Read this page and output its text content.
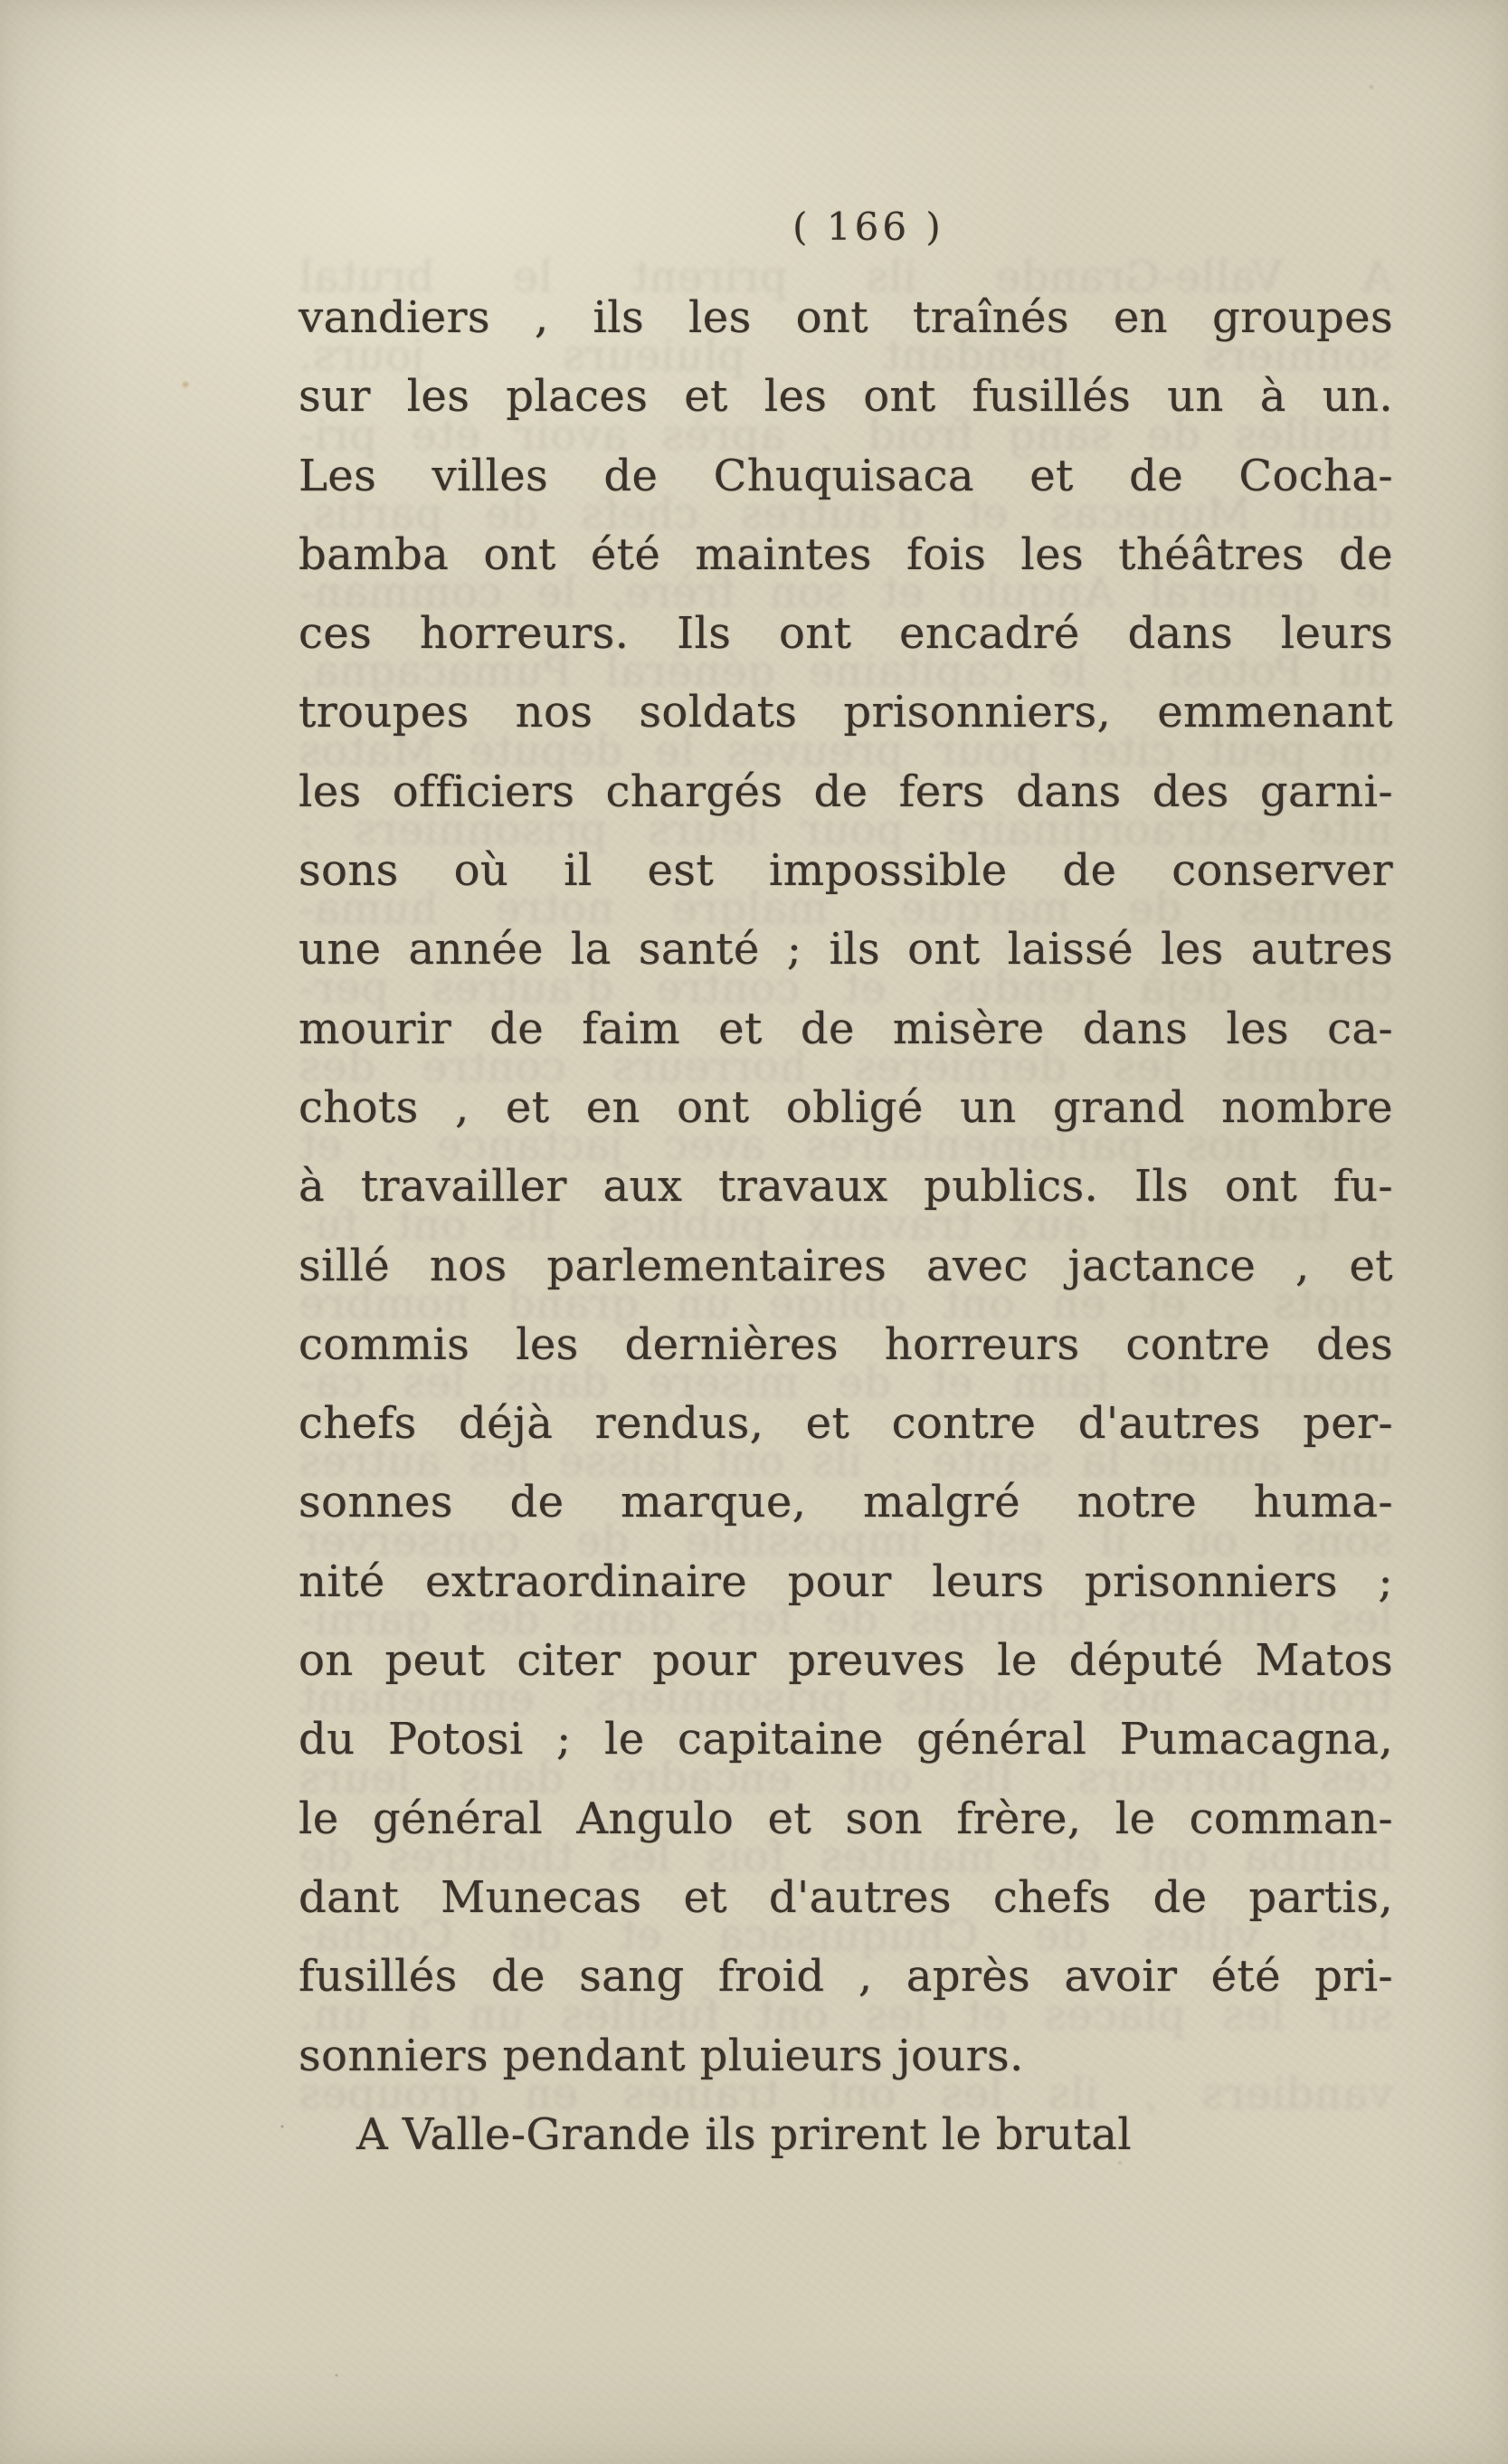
A Valle-Grande ils prirent le brutal
sonniers pendant pluieurs jours.
fusillés de sang froid , après avoir été pri-
dant Munecas et d'autres chefs de partis,
le général Angulo et son frère, le comman-
du Potosi ; le capitaine général Pumacagna,
on peut citer pour preuves le député Matos
nité extraordinaire pour leurs prisonniers ;
sonnes de marque, malgré notre huma-
chefs déjà rendus, et contre d'autres per-
commis les dernières horreurs contre des
sillé nos parlementaires avec jactance , et
à travailler aux travaux publics. Ils ont fu-
chots , et en ont obligé un grand nombre
mourir de faim et de misère dans les ca-
une année la santé ; ils ont laissé les autres
sons où il est impossible de conserver
les officiers chargés de fers dans des garni-
troupes nos soldats prisonniers, emmenant
ces horreurs. Ils ont encadré dans leurs
bamba ont été maintes fois les théâtres de
Les villes de Chuquisaca et de Cocha-
sur les places et les ont fusillés un à un.
vandiers , ils les ont traînés en groupes
( 166 )
vandiers , ils les ont traînés en groupes
sur les places et les ont fusillés un à un.
Les villes de Chuquisaca et de Cocha-
bamba ont été maintes fois les théâtres de
ces horreurs. Ils ont encadré dans leurs
troupes nos soldats prisonniers, emmenant
les officiers chargés de fers dans des garni-
sons où il est impossible de conserver
une année la santé ; ils ont laissé les autres
mourir de faim et de misère dans les ca-
chots , et en ont obligé un grand nombre
à travailler aux travaux publics. Ils ont fu-
sillé nos parlementaires avec jactance , et
commis les dernières horreurs contre des
chefs déjà rendus, et contre d'autres per-
sonnes de marque, malgré notre huma-
nité extraordinaire pour leurs prisonniers ;
on peut citer pour preuves le député Matos
du Potosi ; le capitaine général Pumacagna,
le général Angulo et son frère, le comman-
dant Munecas et d'autres chefs de partis,
fusillés de sang froid , après avoir été pri-
sonniers pendant pluieurs jours.
A Valle-Grande ils prirent le brutal
